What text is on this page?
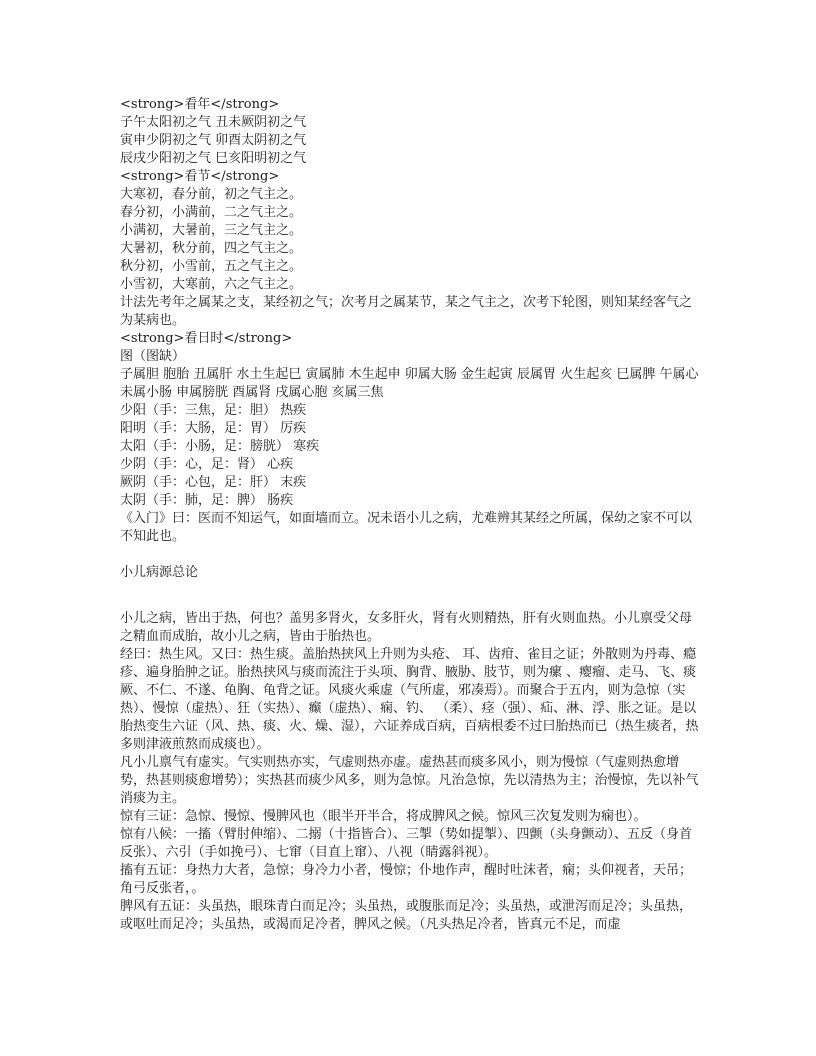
<strong>看年</strong>
子午太阳初之气 丑未厥阴初之气
寅申少阴初之气 卯酉太阴初之气
辰戌少阳初之气 巳亥阳明初之气
<strong>看节</strong>
大寒初，春分前，初之气主之。
春分初，小满前，二之气主之。
小满初，大暑前，三之气主之。
大暑初，秋分前，四之气主之。
秋分初，小雪前，五之气主之。
小雪初，大寒前，六之气主之。
计法先考年之属某之支，某经初之气；次考月之属某节，某之气主之，次考下轮图，则知某经客气之为某病也。
<strong>看日时</strong>
图（图缺）
子属胆 胞胎 丑属肝 水土生起巳 寅属肺 木生起申 卯属大肠 金生起寅 辰属胃 火生起亥 巳属脾 午属心 未属小肠 申属膀胱 酉属肾 戌属心胞 亥属三焦
少阳（手：三焦，足：胆） 热疾
阳明（手：大肠，足：胃） 厉疾
太阳（手：小肠，足：膀胱） 寒疾
少阴（手：心，足：肾） 心疾
厥阴（手：心包，足：肝） 末疾
太阴（手：肺，足：脾） 肠疾
《入门》曰：医而不知运气，如面墙而立。况未语小儿之病，尤难辨其某经之所属，保幼之家不可以不知此也。
小儿病源总论
小儿之病，皆出于热，何也？盖男多肾火，女多肝火，肾有火则精热，肝有火则血热。小儿禀受父母之精血而成胎，故小儿之病，皆由于胎热也。
经曰：热生风。又曰：热生痰。盖胎热挟风上升则为头疮、 耳、齿疳、雀目之证；外散则为丹毒、瘾疹、遍身胎肿之证。胎热挟风与痰而流注于头项、胸背、腋胁、肢节，则为瘰 、瘿瘤、走马、飞、痰厥、不仁、不遂、龟胸、龟背之证。风痰火乘虚（气所虚，邪凑焉）。而聚合于五内，则为急惊（实热）、慢惊（虚热）、狂（实热）、癫（虚热）、痫、钓、 （柔）、痉（强）、疝、淋、浮、胀之证。是以胎热变生六证（风、热、痰、火、燥、湿），六证养成百病，百病根委不过曰胎热而已（热生痰者，热多则津液煎熬而成痰也）。
凡小儿禀气有虚实。气实则热亦实，气虚则热亦虚。虚热甚而痰多风小，则为慢惊（气虚则热愈增势，热甚则痰愈增势）；实热甚而痰少风多，则为急惊。凡治急惊，先以清热为主；治慢惊，先以补气消痰为主。
惊有三证：急惊、慢惊、慢脾风也（眼半开半合，将成脾风之候。惊风三次复发则为痫也）。
惊有八候：一搐（臂肘伸缩）、二搦（十指皆合）、三掣（势如提掣）、四颤（头身颤动）、五反（身首反张）、六引（手如挽弓）、七窜（目直上窜）、八视（睛露斜视）。
搐有五证：身热力大者，急惊；身冷力小者，慢惊；仆地作声，醒时吐沫者，痫；头仰视者，天吊；角弓反张者，。
脾风有五证：头虽热，眼珠青白而足冷；头虽热，或腹胀而足冷；头虽热，或泄泻而足冷；头虽热，或呕吐而足冷；头虽热，或渴而足冷者，脾风之候。（凡头热足冷者，皆真元不足，而虚
